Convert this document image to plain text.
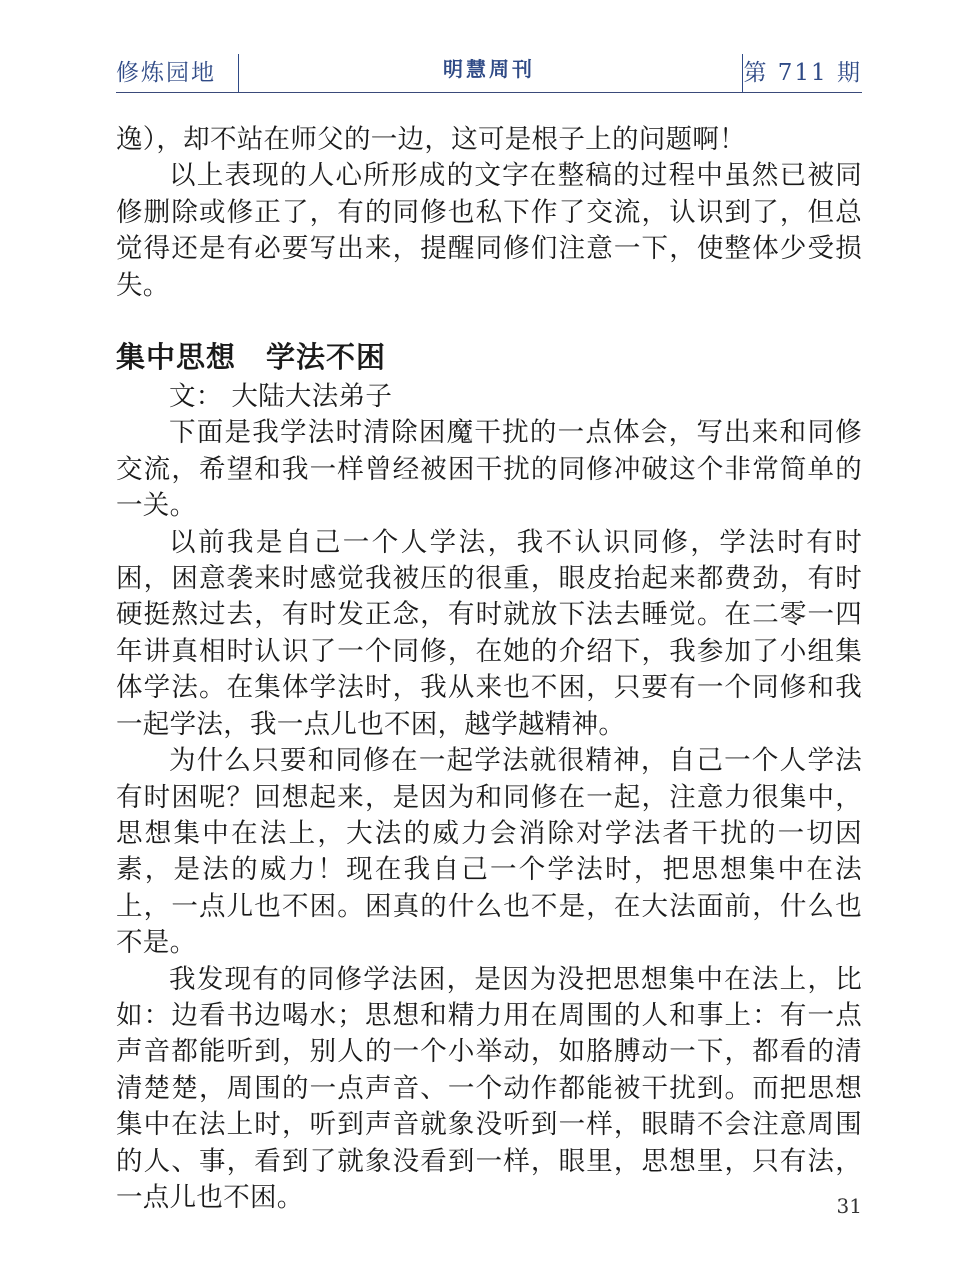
修炼园地	明慧周刊	第 711 期

逸），却不站在师父的一边，这可是根子上的问题啊！

以上表现的人心所形成的文字在整稿的过程中虽然已被同修删除或修正了，有的同修也私下作了交流，认识到了，但总觉得还是有必要写出来，提醒同修们注意一下，使整体少受损失。

集中思想　学法不困

文： 大陆大法弟子

下面是我学法时清除困魔干扰的一点体会，写出来和同修交流，希望和我一样曾经被困干扰的同修冲破这个非常简单的一关。

以前我是自己一个人学法，我不认识同修，学法时有时困，困意袭来时感觉我被压的很重，眼皮抬起来都费劲，有时硬挺熬过去，有时发正念，有时就放下法去睡觉。在二零一四年讲真相时认识了一个同修，在她的介绍下，我参加了小组集体学法。在集体学法时，我从来也不困，只要有一个同修和我一起学法，我一点儿也不困，越学越精神。

为什么只要和同修在一起学法就很精神，自己一个人学法有时困呢？回想起来，是因为和同修在一起，注意力很集中，思想集中在法上，大法的威力会消除对学法者干扰的一切因素，是法的威力！现在我自己一个学法时，把思想集中在法上，一点儿也不困。困真的什么也不是，在大法面前，什么也不是。

我发现有的同修学法困，是因为没把思想集中在法上，比如：边看书边喝水；思想和精力用在周围的人和事上：有一点声音都能听到，别人的一个小举动，如胳膊动一下，都看的清清楚楚，周围的一点声音、一个动作都能被干扰到。而把思想集中在法上时，听到声音就象没听到一样，眼睛不会注意周围的人、事，看到了就象没看到一样，眼里，思想里，只有法，一点儿也不困。	31
